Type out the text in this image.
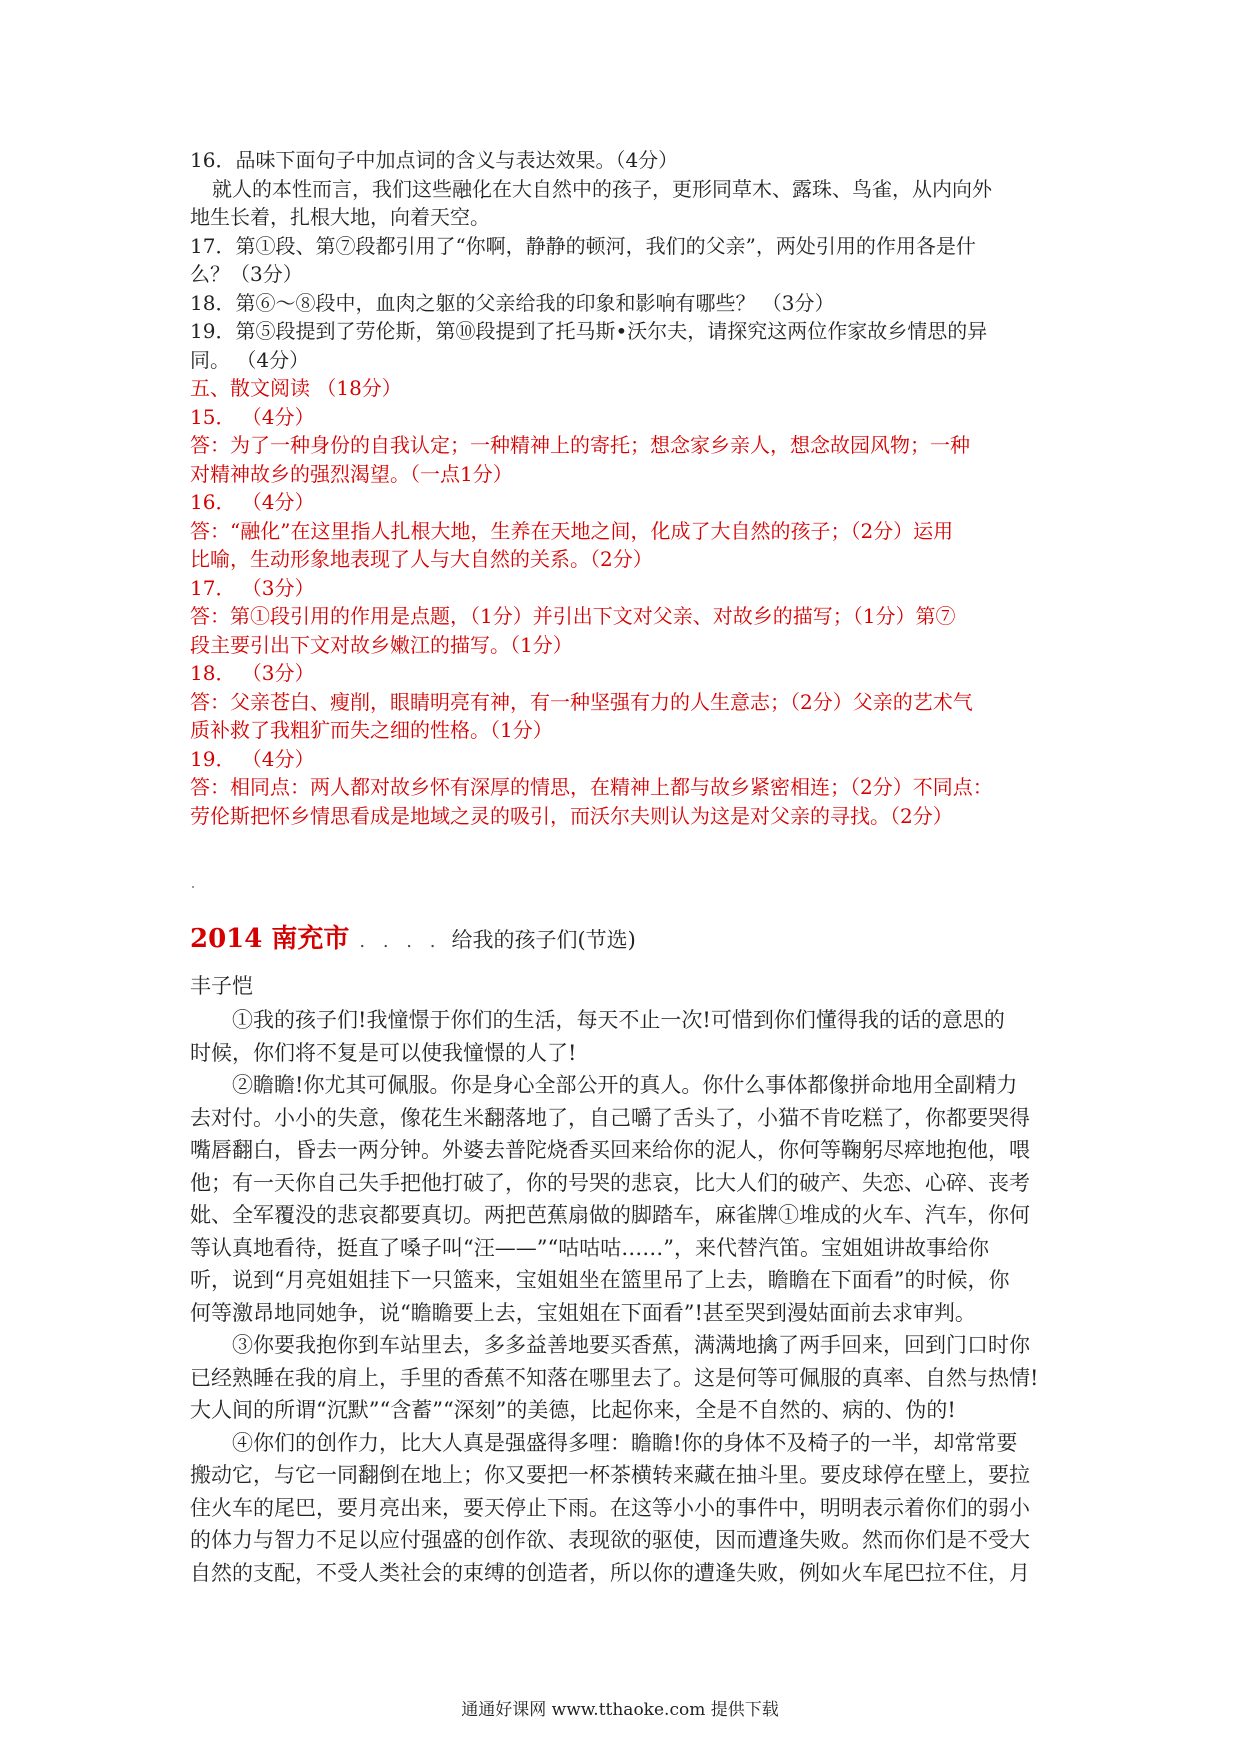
16．品味下面句子中加点词的含义与表达效果。（4分）
就人的本性而言，我们这些融化在大自然中的孩子，更形同草木、露珠、鸟雀，从内向外
地生长着，扎根大地，向着天空。
17．第①段、第⑦段都引用了“你啊，静静的顿河，我们的父亲”，两处引用的作用各是什
么？（3分）
18．第⑥～⑧段中，血肉之躯的父亲给我的印象和影响有哪些？ （3分）
19．第⑤段提到了劳伦斯，第⑩段提到了托马斯•沃尔夫，请探究这两位作家故乡情思的异
同。 （4分）
五、散文阅读 （18分）
15． （4分）
答：为了一种身份的自我认定；一种精神上的寄托；想念家乡亲人，想念故园风物；一种
对精神故乡的强烈渴望。（一点1分）
16． （4分）
答：“融化”在这里指人扎根大地，生养在天地之间，化成了大自然的孩子；（2分）运用
比喻，生动形象地表现了人与大自然的关系。（2分）
17． （3分）
答：第①段引用的作用是点题，（1分）并引出下文对父亲、对故乡的描写；（1分）第⑦
段主要引出下文对故乡嫩江的描写。（1分）
18． （3分）
答：父亲苍白、瘦削，眼睛明亮有神，有一种坚强有力的人生意志；（2分）父亲的艺术气
质补救了我粗犷而失之细的性格。（1分）
19． （4分）
答：相同点：两人都对故乡怀有深厚的情思，在精神上都与故乡紧密相连；（2分）不同点：
劳伦斯把怀乡情思看成是地域之灵的吸引，而沃尔夫则认为这是对父亲的寻找。（2分）
2014 南充市 . . . . 给我的孩子们(节选)
丰子恺
①我的孩子们!我憧憬于你们的生活，每天不止一次!可惜到你们懂得我的话的意思的
时候，你们将不复是可以使我憧憬的人了!
②瞻瞻!你尤其可佩服。你是身心全部公开的真人。你什么事体都像拼命地用全副精力
去对付。小小的失意，像花生米翻落地了，自己嚼了舌头了，小猫不肯吃糕了，你都要哭得
嘴唇翻白，昏去一两分钟。外婆去普陀烧香买回来给你的泥人，你何等鞠躬尽瘁地抱他，喂
他；有一天你自己失手把他打破了，你的号哭的悲哀，比大人们的破产、失恋、心碎、丧考
妣、全军覆没的悲哀都要真切。两把芭蕉扇做的脚踏车，麻雀牌①堆成的火车、汽车，你何
等认真地看待，挺直了嗓子叫“汪——”“咕咕咕……”，来代替汽笛。宝姐姐讲故事给你
听，说到“月亮姐姐挂下一只篮来，宝姐姐坐在篮里吊了上去，瞻瞻在下面看”的时候，你
何等激昂地同她争，说“瞻瞻要上去，宝姐姐在下面看”!甚至哭到漫姑面前去求审判。
③你要我抱你到车站里去，多多益善地要买香蕉，满满地擒了两手回来，回到门口时你
已经熟睡在我的肩上，手里的香蕉不知落在哪里去了。这是何等可佩服的真率、自然与热情!
大人间的所谓“沉默”“含蓄”“深刻”的美德，比起你来，全是不自然的、病的、伪的!
④你们的创作力，比大人真是强盛得多哩：瞻瞻!你的身体不及椅子的一半，却常常要
搬动它，与它一同翻倒在地上；你又要把一杯茶横转来藏在抽斗里。要皮球停在壁上，要拉
住火车的尾巴，要月亮出来，要天停止下雨。在这等小小的事件中，明明表示着你们的弱小
的体力与智力不足以应付强盛的创作欲、表现欲的驱使，因而遭逢失败。然而你们是不受大
自然的支配，不受人类社会的束缚的创造者，所以你的遭逢失败，例如火车尾巴拉不住，月
通通好课网 www.tthaoke.com 提供下载
